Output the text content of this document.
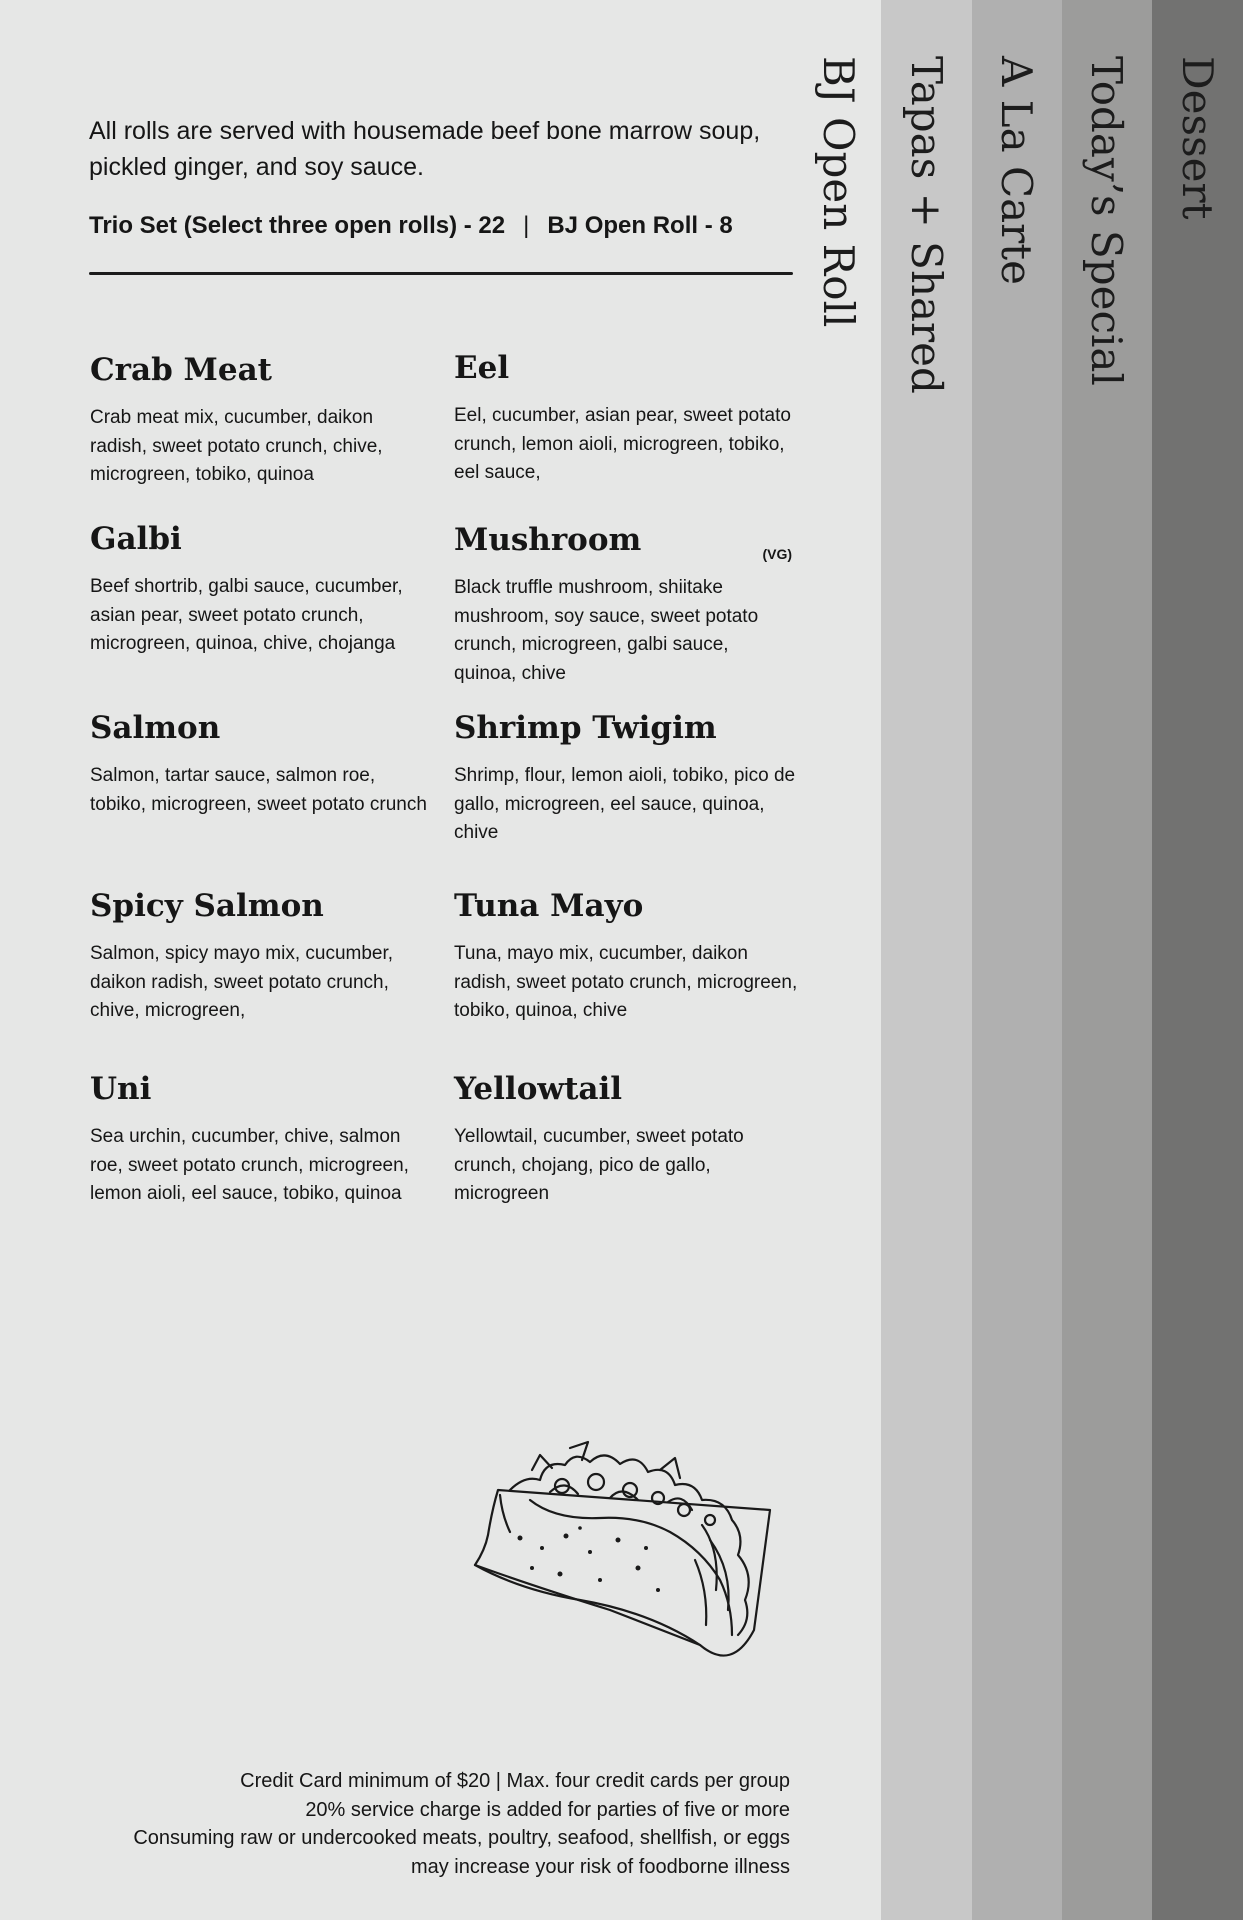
BJ Open Roll Tapas + Shared A La Carte Today’s Special Dessert

All rolls are served with housemade beef bone marrow soup, pickled ginger, and soy sauce.

Trio Set (Select three open rolls) - 22 | BJ Open Roll - 8
Crab Meat

Crab meat mix, cucumber, daikon radish, sweet potato crunch, chive, microgreen, tobiko, quinoa

Eel

Eel, cucumber, asian pear, sweet potato crunch, lemon aioli, microgreen, tobiko, eel sauce,

Galbi

Beef shortrib, galbi sauce, cucumber, asian pear, sweet potato crunch, microgreen, quinoa, chive, chojanga

Mushroom	(VG)

Black truffle mushroom, shiitake mushroom, soy sauce, sweet potato crunch, microgreen, galbi sauce, quinoa, chive

Salmon

Salmon, tartar sauce, salmon roe, tobiko, microgreen, sweet potato crunch

Shrimp Twigim

Shrimp, flour, lemon aioli, tobiko, pico de gallo, microgreen, eel sauce, quinoa, chive

Spicy Salmon

Salmon, spicy mayo mix, cucumber, daikon radish, sweet potato crunch, chive, microgreen,

Tuna Mayo

Tuna, mayo mix, cucumber, daikon radish, sweet potato crunch, microgreen, tobiko, quinoa, chive

Uni

Sea urchin, cucumber, chive, salmon roe, sweet potato crunch, microgreen, lemon aioli, eel sauce, tobiko, quinoa

Yellowtail

Yellowtail, cucumber, sweet potato crunch, chojang, pico de gallo, microgreen

Credit Card minimum of $20 | Max. four credit cards per group
20% service charge is added for parties of five or more
Consuming raw or undercooked meats, poultry, seafood, shellfish, or eggs
may increase your risk of foodborne illness
